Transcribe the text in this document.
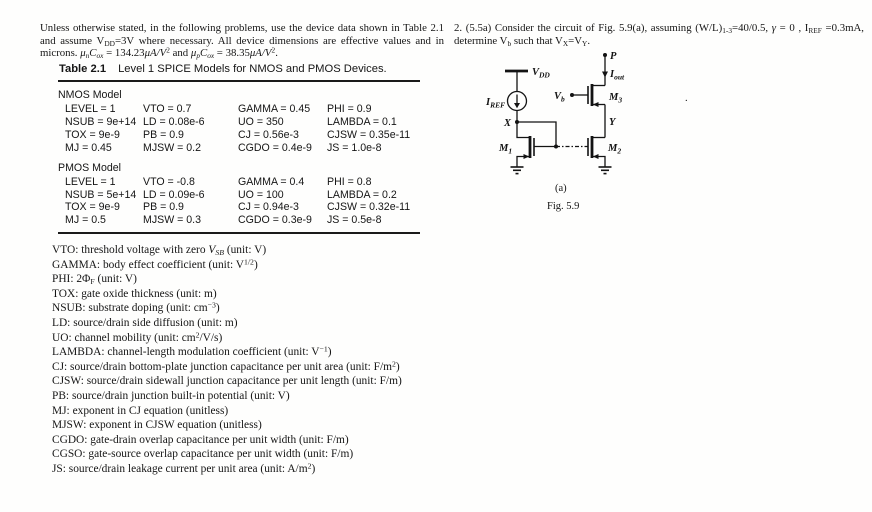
Unless otherwise stated, in the following problems, use the device data shown in Table 2.1 and assume $V_{DD}=3V$ where necessary. All device dimensions are effective values and in microns. $\mu_nC_{ox} = 134.23\mu A/V^2$ and $\mu_pC_{ox} = 38.35\mu A/V^2$.

2. (5.5a) Consider the circuit of Fig. 5.9(a), assuming $(W/L)_{1-3}=40/0.5$, γ = 0 , $I_{REF} =0.3mA$, determine $V_b$ such that $V_X=V_Y$.

Table 2.1 Level 1 SPICE Models for NMOS and PMOS Devices.
NMOS Model
LEVEL = 1	VTO = 0.7	GAMMA = 0.45	PHI = 0.9
NSUB = 9e+14 LD = 0.08e-6	UO = 350	LAMBDA = 0.1
TOX = 9e-9	PB = 0.9	CJ = 0.56e-3	CJSW = 0.35e-11
MJ = 0.45	MJSW = 0.2	CGDO = 0.4e-9	JS = 1.0e-8
PMOS Model
LEVEL = 1	VTO = -0.8	GAMMA = 0.4	PHI = 0.8
NSUB = 5e+14 LD = 0.09e-6	UO = 100	LAMBDA = 0.2
TOX = 9e-9	PB = 0.9	CJ = 0.94e-3	CJSW = 0.32e-11
MJ = 0.5	MJSW = 0.3	CGDO = 0.3e-9	JS = 0.5e-8
VTO: threshold voltage with zero $V_{SB}$ (unit: V)
GAMMA: body effect coefficient (unit: $V^{1/2}$)
PHI: $2\Phi_F$ (unit: V)
TOX: gate oxide thickness (unit: m)
NSUB: substrate doping (unit: $cm^{-3}$)
LD: source/drain side diffusion (unit: m)
UO: channel mobility (unit: $cm^2/V/s$)
LAMBDA: channel-length modulation coefficient (unit: $V^{-1}$)
CJ: source/drain bottom-plate junction capacitance per unit area (unit: $F/m^2$)
CJSW: source/drain sidewall junction capacitance per unit length (unit: F/m)
PB: source/drain junction built-in potential (unit: V)
MJ: exponent in CJ equation (unitless)
MJSW: exponent in CJSW equation (unitless)
CGDO: gate-drain overlap capacitance per unit width (unit: F/m)
CGSO: gate-source overlap capacitance per unit width (unit: F/m)
JS: source/drain leakage current per unit area (unit: $A/m^2$)
$V_{DD}$
$I_{REF}$
X
$M_1$
$V_b$	$M_3$
Y
$M_2$
P
$I_{out}$
.
(a)
Fig. 5.9
